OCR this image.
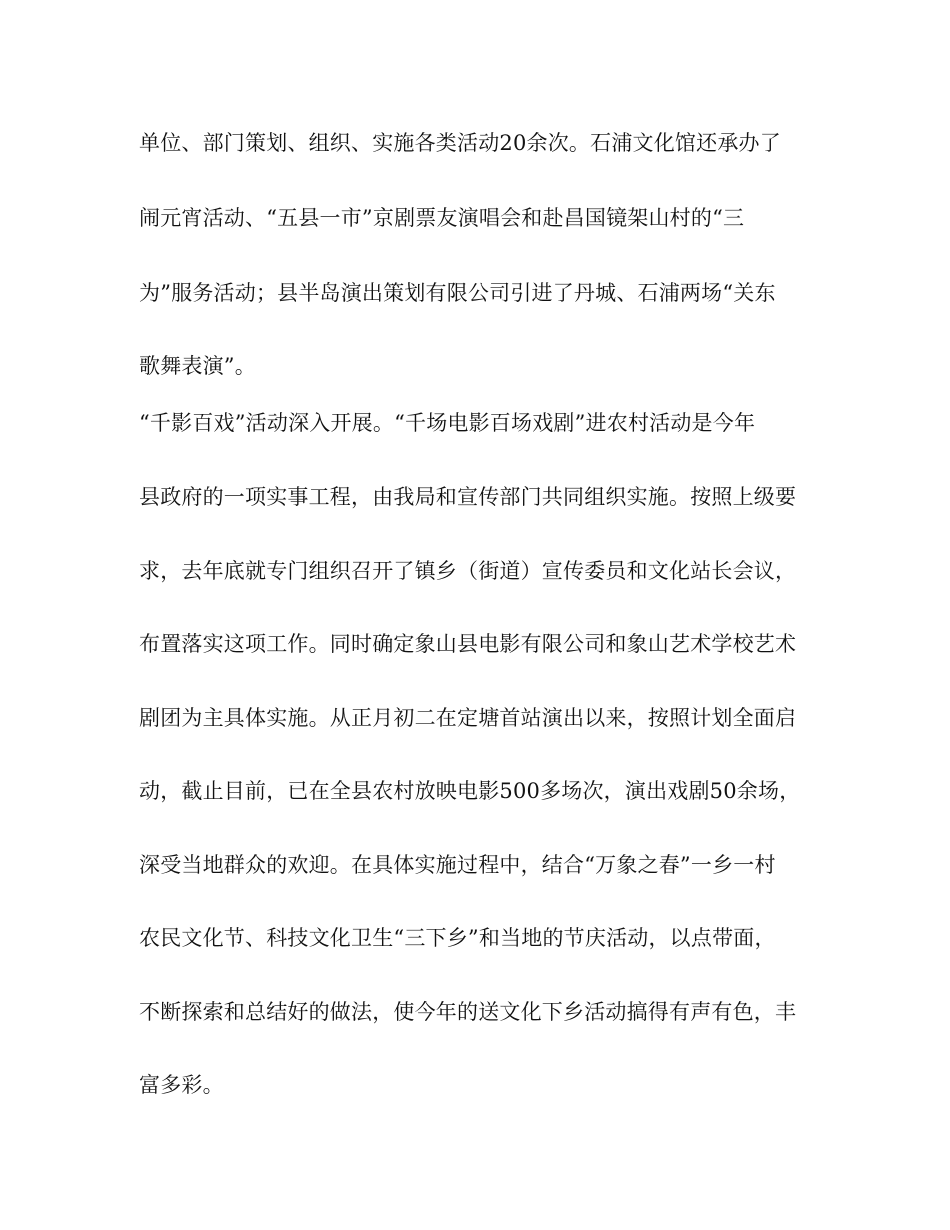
单位、部门策划、组织、实施各类活动20余次。石浦文化馆还承办了
闹元宵活动、“五县一市”京剧票友演唱会和赴昌国镜架山村的“三
为”服务活动；县半岛演出策划有限公司引进了丹城、石浦两场“关东
歌舞表演”。
“千影百戏”活动深入开展。“千场电影百场戏剧”进农村活动是今年
县政府的一项实事工程，由我局和宣传部门共同组织实施。按照上级要
求，去年底就专门组织召开了镇乡（街道）宣传委员和文化站长会议，
布置落实这项工作。同时确定象山县电影有限公司和象山艺术学校艺术
剧团为主具体实施。从正月初二在定塘首站演出以来，按照计划全面启
动，截止目前，已在全县农村放映电影500多场次，演出戏剧50余场，
深受当地群众的欢迎。在具体实施过程中，结合“万象之春”一乡一村
农民文化节、科技文化卫生“三下乡”和当地的节庆活动，以点带面，
不断探索和总结好的做法，使今年的送文化下乡活动搞得有声有色，丰
富多彩。
